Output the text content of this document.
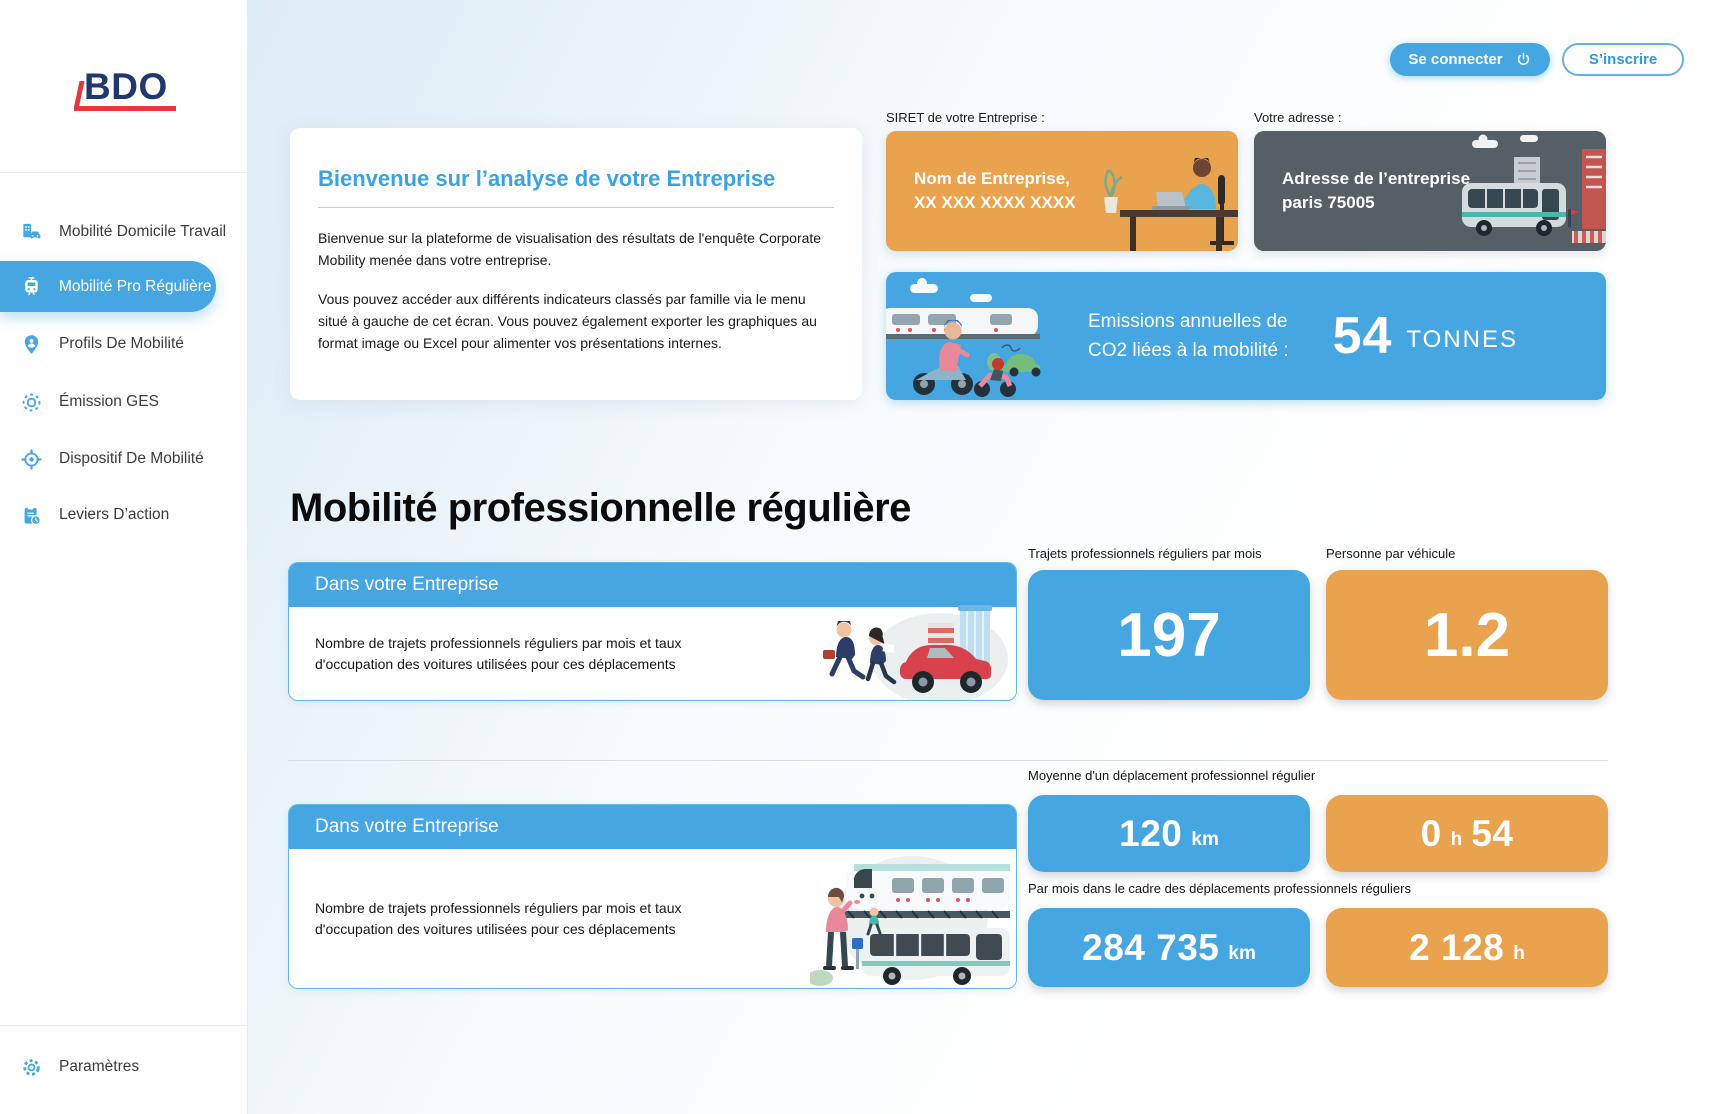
BDO
Mobilité Domicile Travail
Mobilité Pro Régulière
Profils De Mobilité
Émission GES
Dispositif De Mobilité
Leviers D’action
Paramètres
Se connecter	S’inscrire
Bienvenue sur l’analyse de votre Entreprise

Bienvenue sur la plateforme de visualisation des résultats de l'enquête Corporate Mobility menée dans votre entreprise.

Vous pouvez accéder aux différents indicateurs classés par famille via le menu situé à gauche de cet écran. Vous pouvez également exporter les graphiques au format image ou Excel pour alimenter vos présentations internes.

SIRET de votre Entreprise :
Nom de Entreprise,
XX XXX XXXX XXXX
Votre adresse :
Adresse de l’entreprise
paris 75005
Emissions annuelles de
CO2 liées à la mobilité : 54 TONNES
Mobilité professionnelle régulière
Dans votre Entreprise

Nombre de trajets professionnels réguliers par mois et taux d'occupation des voitures utilisées pour ces déplacements

Trajets professionnels réguliers par mois
197
Personne par véhicule
1.2
Dans votre Entreprise

Nombre de trajets professionnels réguliers par mois et taux d'occupation des voitures utilisées pour ces déplacements

Moyenne d'un déplacement professionnel régulier
120 km	0 h 54
Par mois dans le cadre des déplacements professionnels réguliers
284 735 km	2 128 h
